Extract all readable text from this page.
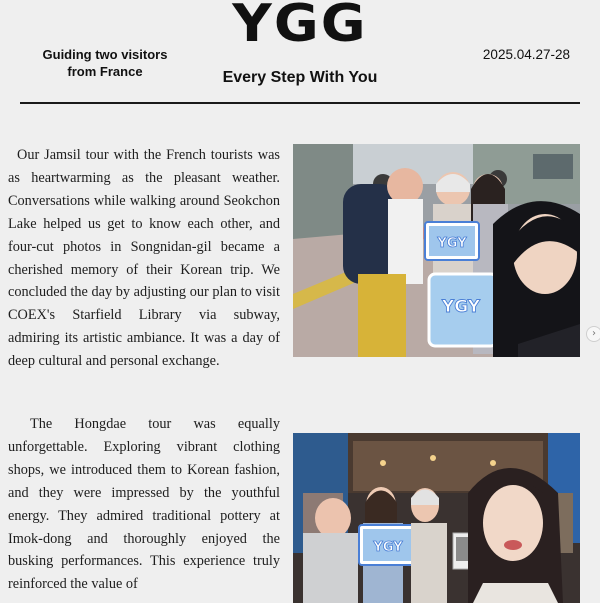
YGG
Guiding two visitors from France
2025.04.27-28
Every Step With You
Our Jamsil tour with the French tourists was as heartwarming as the pleasant weather. Conversations while walking around Seokchon Lake helped us get to know each other, and four-cut photos in Songnidan-gil became a cherished memory of their Korean trip. We concluded the day by adjusting our plan to visit COEX's Starfield Library via subway, admiring its artistic ambiance. It was a day of deep cultural and personal exchange.
The Hongdae tour was equally unforgettable. Exploring vibrant clothing shops, we introduced them to Korean fashion, and they were impressed by the youthful energy. They admired traditional pottery at Imok-dong and thoroughly enjoyed the busking performances. This experience truly reinforced the value of
YGY
YGY
›
YGY
